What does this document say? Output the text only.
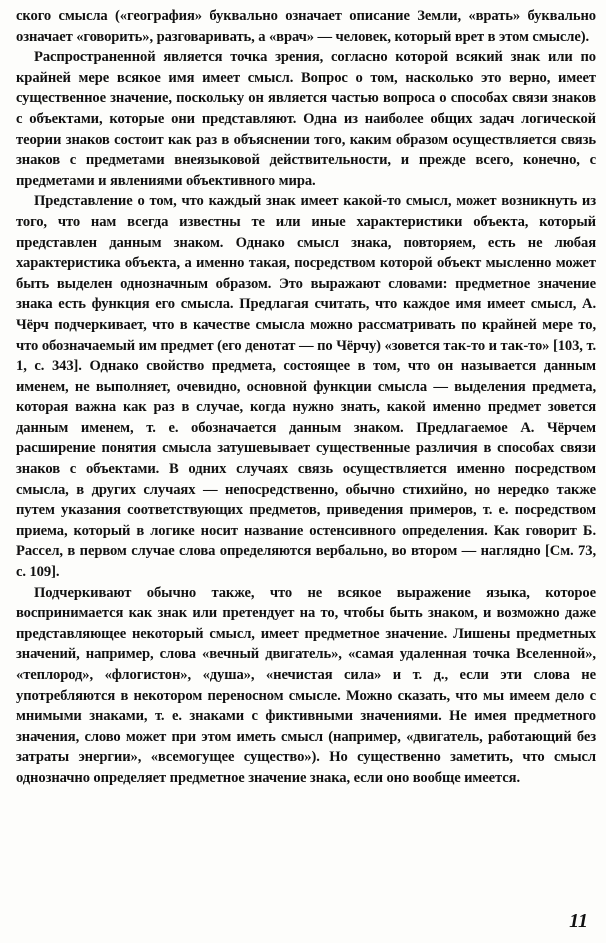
ского смысла («география» буквально означает описание Земли, «врать» буквально означает «говорить», разговаривать, а «врач» — человек, который врет в этом смысле).

Распространенной является точка зрения, согласно которой всякий знак или по крайней мере всякое имя имеет смысл. Вопрос о том, насколько это верно, имеет существенное значение, поскольку он является частью вопроса о способах связи знаков с объектами, которые они представляют. Одна из наиболее общих задач логической теории знаков состоит как раз в объяснении того, каким образом осуществляется связь знаков с предметами внеязыковой действительности, и прежде всего, конечно, с предметами и явлениями объективного мира.

Представление о том, что каждый знак имеет какой-то смысл, может возникнуть из того, что нам всегда известны те или иные характеристики объекта, который представлен данным знаком. Однако смысл знака, повторяем, есть не любая характеристика объекта, а именно такая, посредством которой объект мысленно может быть выделен однозначным образом. Это выражают словами: предметное значение знака есть функция его смысла. Предлагая считать, что каждое имя имеет смысл, А. Чёрч подчеркивает, что в качестве смысла можно рассматривать по крайней мере то, что обозначаемый им предмет (его денотат — по Чёрчу) «зовется так-то и так-то» [103, т. 1, с. 343]. Однако свойство предмета, состоящее в том, что он называется данным именем, не выполняет, очевидно, основной функции смысла — выделения предмета, которая важна как раз в случае, когда нужно знать, какой именно предмет зовется данным именем, т. е. обозначается данным знаком. Предлагаемое А. Чёрчем расширение понятия смысла затушевывает существенные различия в способах связи знаков с объектами. В одних случаях связь осуществляется именно посредством смысла, в других случаях — непосредственно, обычно стихийно, но нередко также путем указания соответствующих предметов, приведения примеров, т. е. посредством приема, который в логике носит название остенсивного определения. Как говорит Б. Рассел, в первом случае слова определяются вербально, во втором — наглядно [См. 73, с. 109].

Подчеркивают обычно также, что не всякое выражение языка, которое воспринимается как знак или претендует на то, чтобы быть знаком, и возможно даже представляющее некоторый смысл, имеет предметное значение. Лишены предметных значений, например, слова «вечный двигатель», «самая удаленная точка Вселенной», «теплород», «флогистон», «душа», «нечистая сила» и т. д., если эти слова не употребляются в некотором переносном смысле. Можно сказать, что мы имеем дело с мнимыми знаками, т. е. знаками с фиктивными значениями. Не имея предметного значения, слово может при этом иметь смысл (например, «двигатель, работающий без затраты энергии», «всемогущее существо»). Но существенно заметить, что смысл однозначно определяет предметное значение знака, если оно вообще имеется.

11
